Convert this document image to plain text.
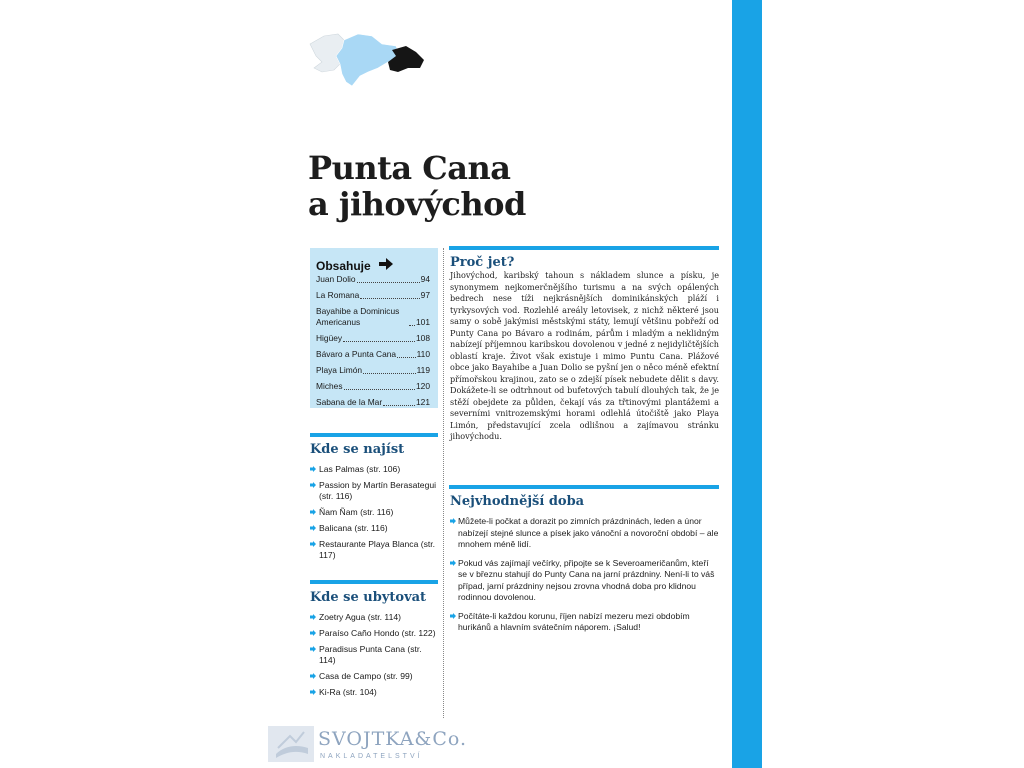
Punta Cana
a jihovýchod
Obsahuje
Juan Dolio	94
La Romana	97
Bayahibe a Dominicus Americanus	101
Higüey	108
Bávaro a Punta Cana 110
Playa Limón	119
Miches	120
Sabana de la Mar	121
Kde se najíst
Las Palmas (str. 106)
Passion by Martín Berasategui (str. 116)
Ñam Ñam (str. 116)
Balicana (str. 116)
Restaurante Playa Blanca (str. 117)
Kde se ubytovat
Zoetry Agua (str. 114)
Paraíso Caño Hondo (str. 122)
Paradisus Punta Cana (str. 114)
Casa de Campo (str. 99)
Ki-Ra (str. 104)
Proč jet?

Jihovýchod, karibský tahoun s nákladem slunce a písku, je synonymem nejkomerčnějšího turismu a na svých opálených bedrech nese tíži nejkrásnějších dominikánských pláží i tyrkysových vod. Rozlehlé areály letovisek, z nichž některé jsou samy o sobě jakýmisi městskými státy, lemují většinu pobřeží od Punty Cana po Bávaro a rodinám, párům i mladým a neklidným nabízejí příjemnou karibskou dovolenou v jedné z nejidyličtějších oblastí kraje. Život však existuje i mimo Puntu Cana. Plážové obce jako Bayahibe a Juan Dolio se pyšní jen o něco méně efektní přímořskou krajinou, zato se o zdejší písek nebudete dělit s davy. Dokážete-li se odtrhnout od bufetových tabulí dlouhých tak, že je stěží obejdete za půlden, čekají vás za třtinovými plantážemi a severními vnitrozemskými horami odlehlá útočiště jako Playa Limón, představující zcela odlišnou a zajímavou stránku jihovýchodu.

Nejvhodnější doba
Můžete-li počkat a dorazit po zimních prázdninách, leden a únor nabízejí stejné slunce a písek jako vánoční a novoroční období – ale mnohem méně lidí.
Pokud vás zajímají večírky, připojte se k Severoameričanům, kteří se v březnu stahují do Punty Cana na jarní prázdniny. Není-li to váš případ, jarní prázdniny nejsou zrovna vhodná doba pro klidnou rodinnou dovolenou.
Počítáte-li každou korunu, říjen nabízí mezeru mezi obdobím hurikánů a hlavním svátečním náporem. ¡Salud!
SVOJTKA&Co.
NAKLADATELSTVÍ
